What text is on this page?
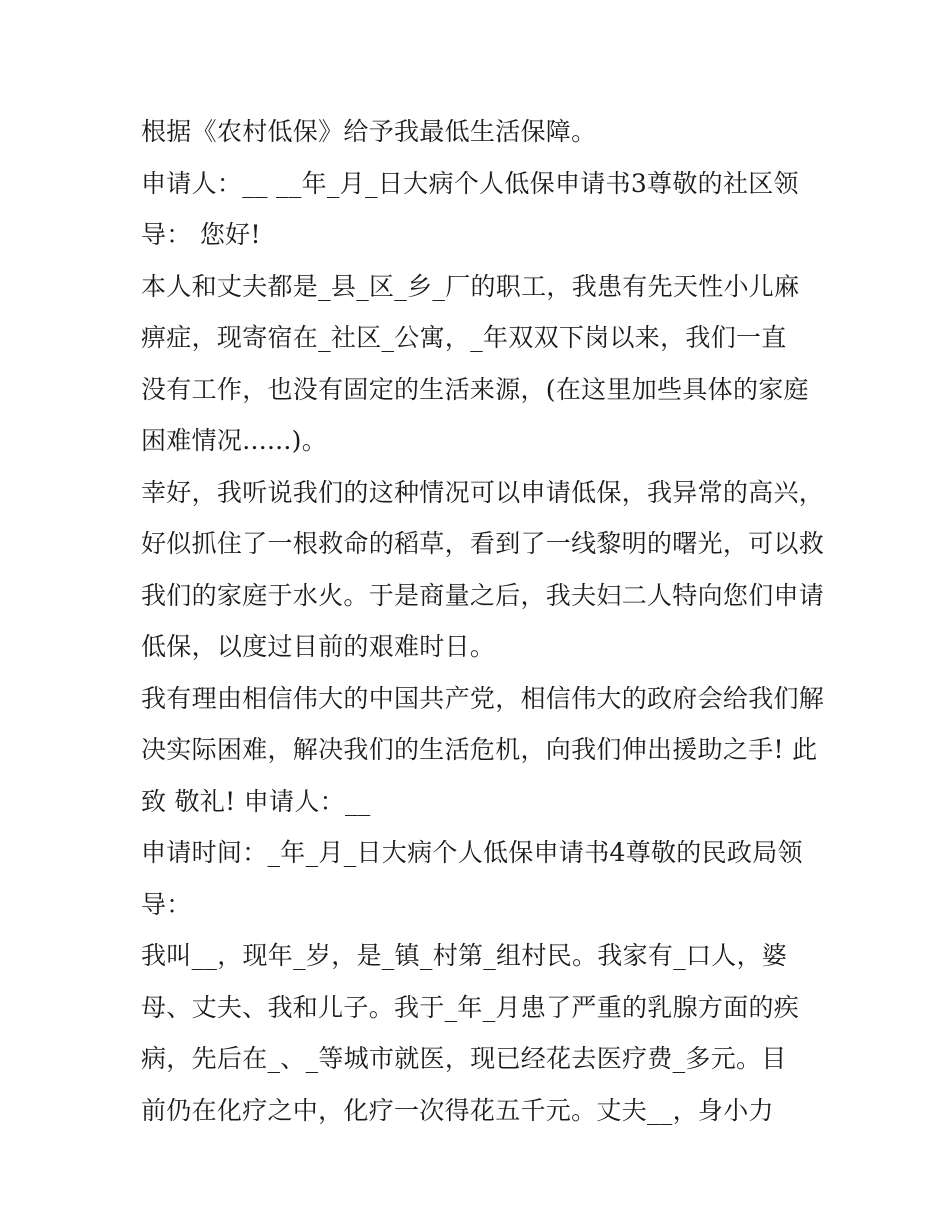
根据《农村低保》给予我最低生活保障。
申请人：__ __年_月_日大病个人低保申请书3尊敬的社区领
导： 您好!
本人和丈夫都是_县_区_乡_厂的职工，我患有先天性小儿麻
痹症，现寄宿在_社区_公寓，_年双双下岗以来，我们一直
没有工作，也没有固定的生活来源，(在这里加些具体的家庭
困难情况......)。
幸好，我听说我们的这种情况可以申请低保，我异常的高兴，
好似抓住了一根救命的稻草，看到了一线黎明的曙光，可以救
我们的家庭于水火。于是商量之后，我夫妇二人特向您们申请
低保，以度过目前的艰难时日。
我有理由相信伟大的中国共产党，相信伟大的政府会给我们解
决实际困难，解决我们的生活危机，向我们伸出援助之手! 此
致 敬礼! 申请人：__
申请时间：_年_月_日大病个人低保申请书4尊敬的民政局领
导：
我叫__，现年_岁，是_镇_村第_组村民。我家有_口人，婆
母、丈夫、我和儿子。我于_年_月患了严重的乳腺方面的疾
病，先后在_、_等城市就医，现已经花去医疗费_多元。目
前仍在化疗之中，化疗一次得花五千元。丈夫__，身小力
